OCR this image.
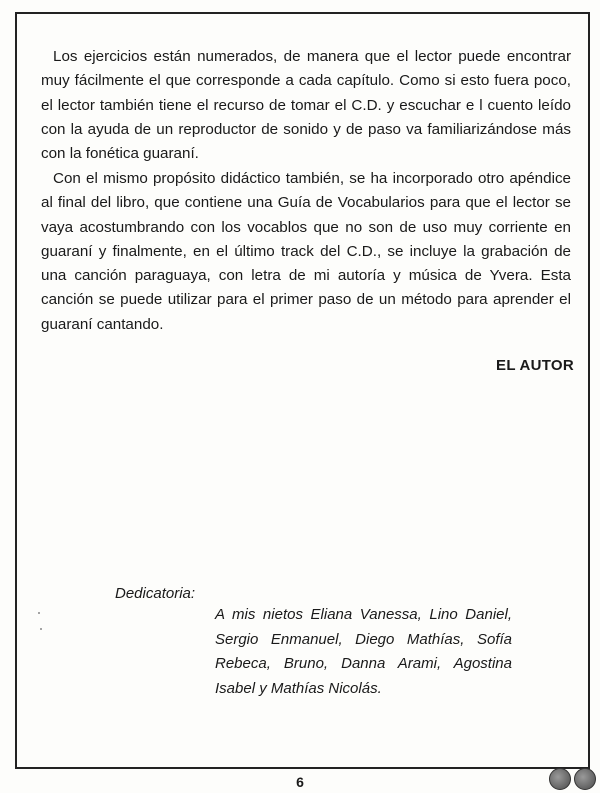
Los ejercicios están numerados, de manera que el lector puede encontrar muy fácilmente el que corresponde a cada capítulo. Como si esto fuera poco, el lector también tiene el recurso de tomar el C.D. y escuchar e l cuento leído con la ayuda de un reproductor de sonido y de paso va familiarizándose más con la fonética guaraní.

Con el mismo propósito didáctico también, se ha incorporado otro apéndice al final del libro, que contiene una Guía de Vocabularios para que el lector se vaya acostumbrando con los vocablos que no son de uso muy corriente en guaraní y finalmente, en el último track del C.D., se incluye la grabación de una canción paraguaya, con letra de mi autoría y música de Yvera. Esta canción se puede utilizar para el primer paso de un método para aprender el guaraní cantando.

EL AUTOR
Dedicatoria:

A mis nietos Eliana Vanessa, Lino Daniel, Sergio Enmanuel, Diego Mathías, Sofía Rebeca, Bruno, Danna Arami, Agostina Isabel y Mathías Nicolás.

6
